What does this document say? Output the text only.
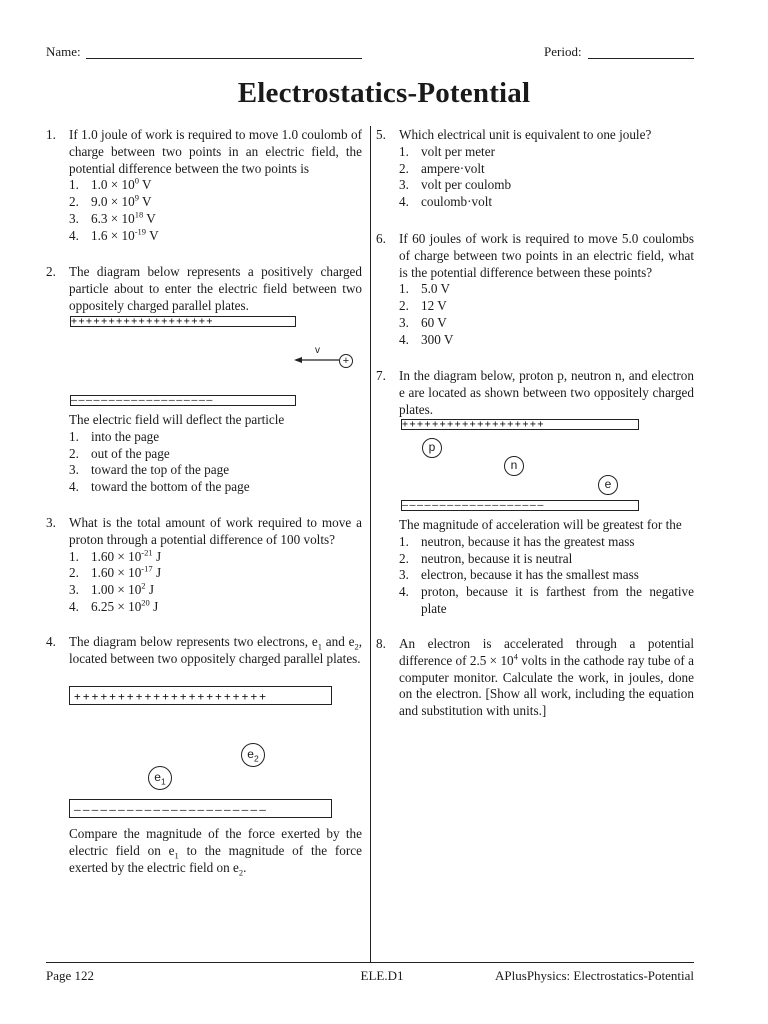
Name:	Period:
Electrostatics-Potential
1. If 1.0 joule of work is required to move 1.0 coulomb of charge between two points in an electric field, the potential difference between the two points is
1. $1.0 \times 10^0$ V
2. $9.0 \times 10^9$ V
3. $6.3 \times 10^{18}$ V
4. $1.6 \times 10^{-19}$ V
2. The diagram below represents a positively charged particle about to enter the electric field between two oppositely charged parallel plates.
+++++++++++++++++++
v
+
———————————————————
The electric field will deflect the particle
1. into the page
2. out of the page
3. toward the top of the page
4. toward the bottom of the page
3. What is the total amount of work required to move a proton through a potential difference of 100 volts?
1. $1.60 \times 10^{-21}$ J
2. $1.60 \times 10^{-17}$ J
3. $1.00 \times 10^2$ J
4. $6.25 \times 10^{20}$ J
4. The diagram below represents two electrons, $e_1$ and $e_2$, located between two oppositely charged parallel plates.
++++++++++++++++++++++
$e_2$
$e_1$
——————————————————————
Compare the magnitude of the force exerted by the electric field on $e_1$ to the magnitude of the force exerted by the electric field on $e_2$.
5. Which electrical unit is equivalent to one joule?
1. volt per meter
2. ampere·volt
3. volt per coulomb
4. coulomb·volt
6. If 60 joules of work is required to move 5.0 coulombs of charge between two points in an electric field, what is the potential difference between these points?
1. 5.0 V
2. 12 V
3. 60 V
4. 300 V
7. In the diagram below, proton p, neutron n, and electron e are located as shown between two oppositely charged plates.
+++++++++++++++++++
p
n
e
———————————————————
The magnitude of acceleration will be greatest for the
1. neutron, because it has the greatest mass
2. neutron, because it is neutral
3. electron, because it has the smallest mass
4. proton, because it is farthest from the negative plate
8. An electron is accelerated through a potential difference of $2.5 \times 10^4$ volts in the cathode ray tube of a computer monitor. Calculate the work, in joules, done on the electron. [Show all work, including the equation and substitution with units.]
Page 122	ELE.D1	APlusPhysics: Electrostatics-Potential
